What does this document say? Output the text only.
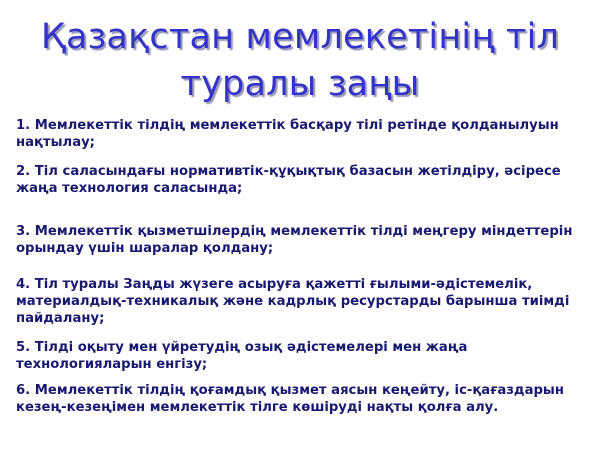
Қазақстан мемлекетінің тіл
туралы заңы
1. Мемлекеттік тілдің мемлекеттік басқару тілі ретінде қолданылуын нақтылау;
2. Тіл саласындағы нормативтік-құқықтық базасын жетілдіру, әсіресе жаңа технология саласында;
3. Мемлекеттік қызметшілердің мемлекеттік тілді меңгеру міндеттерін орындау үшін шаралар қолдану;
4. Тіл туралы Заңды жүзеге асыруға қажетті ғылыми-әдістемелік, материалдық-техникалық және кадрлық ресурстарды барынша тиімді пайдалану;
5. Тілді оқыту мен үйретудің озық әдістемелері мен жаңа технологияларын енгізу;
6. Мемлекеттік тілдің қоғамдық қызмет аясын кеңейту, іс-қағаздарын кезең-кезеңімен мемлекеттік тілге көшіруді нақты қолға алу.
